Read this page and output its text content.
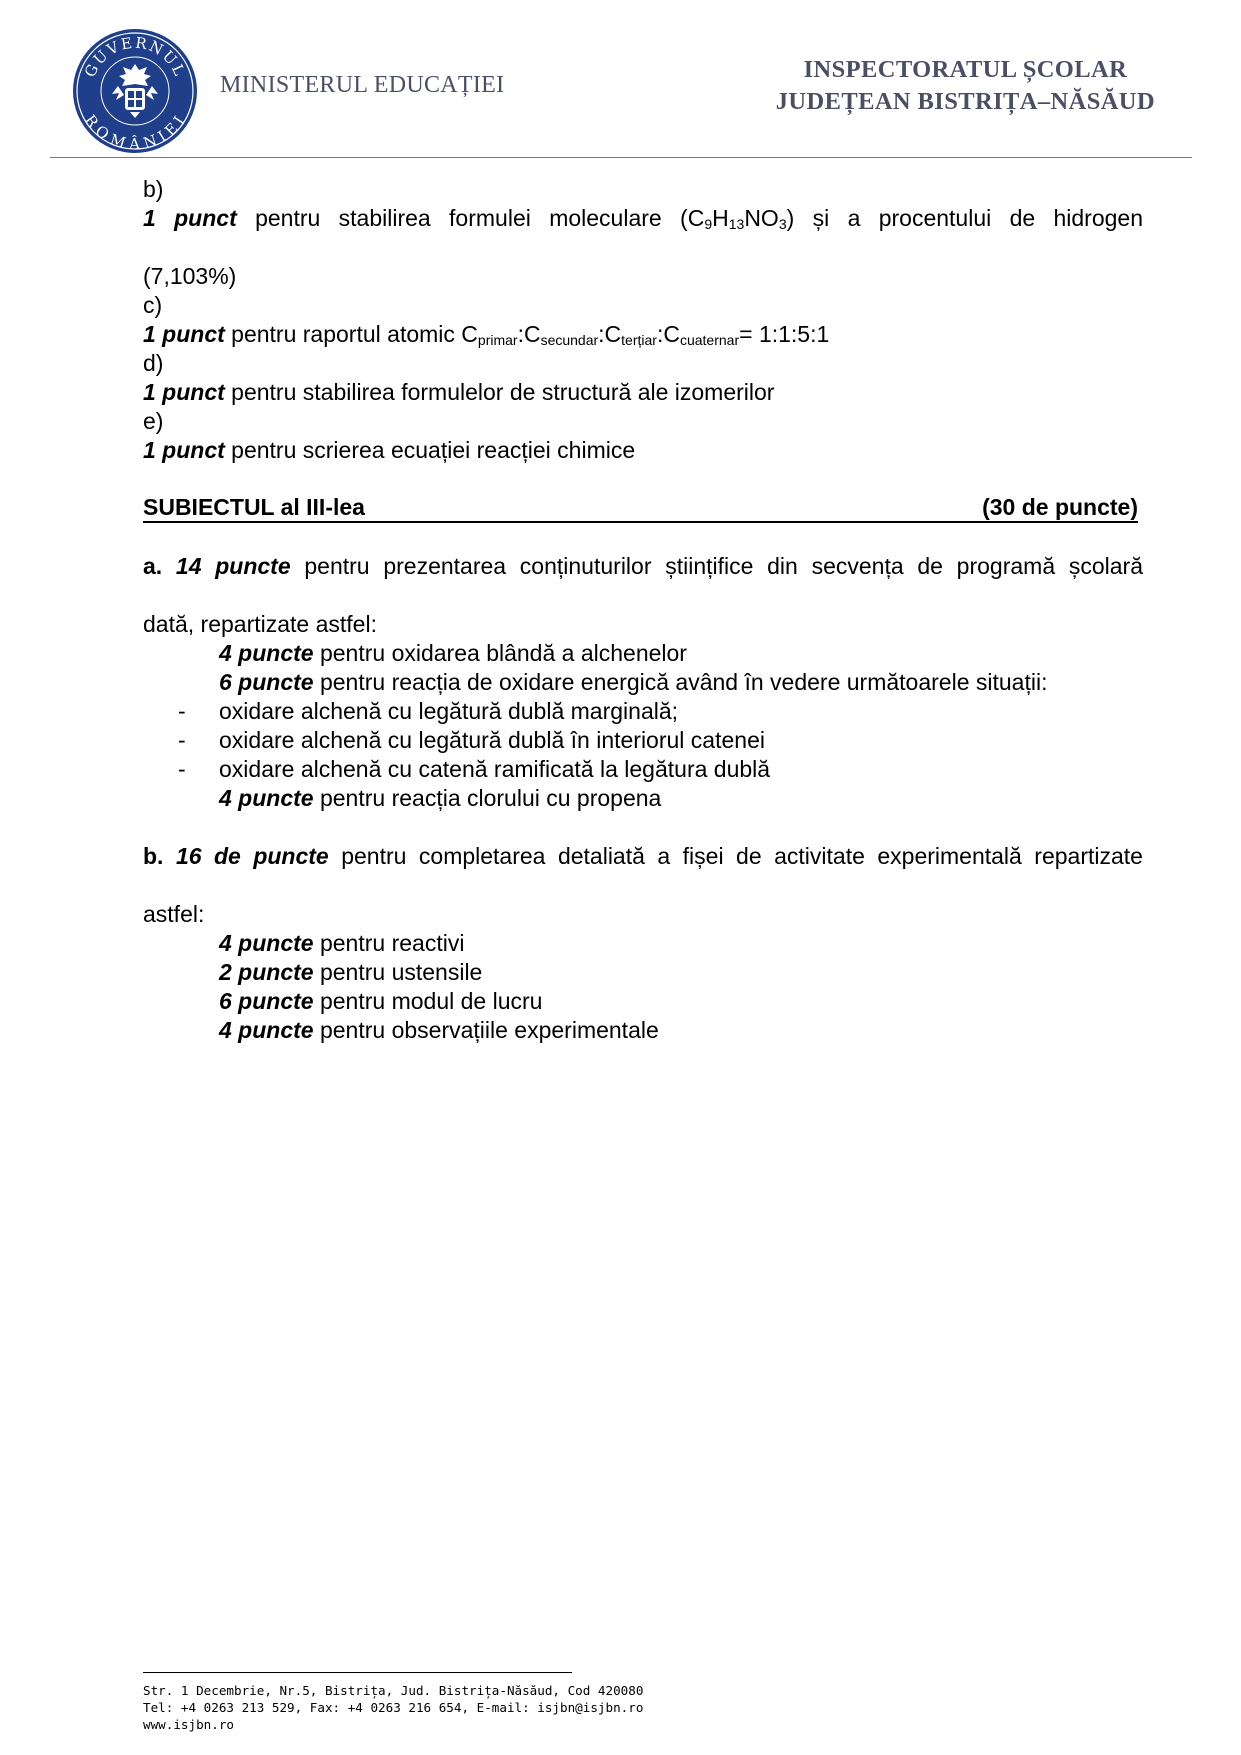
GUVERNUL
ROMÂNIEI
MINISTERUL EDUCAȚIEI
INSPECTORATUL ȘCOLAR
JUDEȚEAN BISTRIȚA–NĂSĂUD

b)

1 punct pentru stabilirea formulei moleculare $(C_9H_{13}NO_3)$ și a procentului de hidrogen

(7,103%)

c)

1 punct pentru raportul atomic $C_{primar}:C_{secundar}:C_{terțiar}:C_{cuaternar}=$ 1:1:5:1

d)

1 punct pentru stabilirea formulelor de structură ale izomerilor

e)

1 punct pentru scrierea ecuației reacției chimice

SUBIECTUL al III-lea	(30 de puncte)

a. 14 puncte pentru prezentarea conținuturilor științifice din secvența de programă școlară

dată, repartizate astfel:

4 puncte pentru oxidarea blândă a alchenelor

6 puncte pentru reacția de oxidare energică având în vedere următoarele situații:

- oxidare alchenă cu legătură dublă marginală;

- oxidare alchenă cu legătură dublă în interiorul catenei

- oxidare alchenă cu catenă ramificată la legătura dublă

4 puncte pentru reacția clorului cu propena

b. 16 de puncte pentru completarea detaliată a fișei de activitate experimentală repartizate

astfel:

4 puncte pentru reactivi

2 puncte pentru ustensile

6 puncte pentru modul de lucru

4 puncte pentru observațiile experimentale

Str. 1 Decembrie, Nr.5, Bistrița, Jud. Bistrița-Năsăud, Cod 420080
Tel: +4 0263 213 529, Fax: +4 0263 216 654, E-mail: isjbn@isjbn.ro
www.isjbn.ro
